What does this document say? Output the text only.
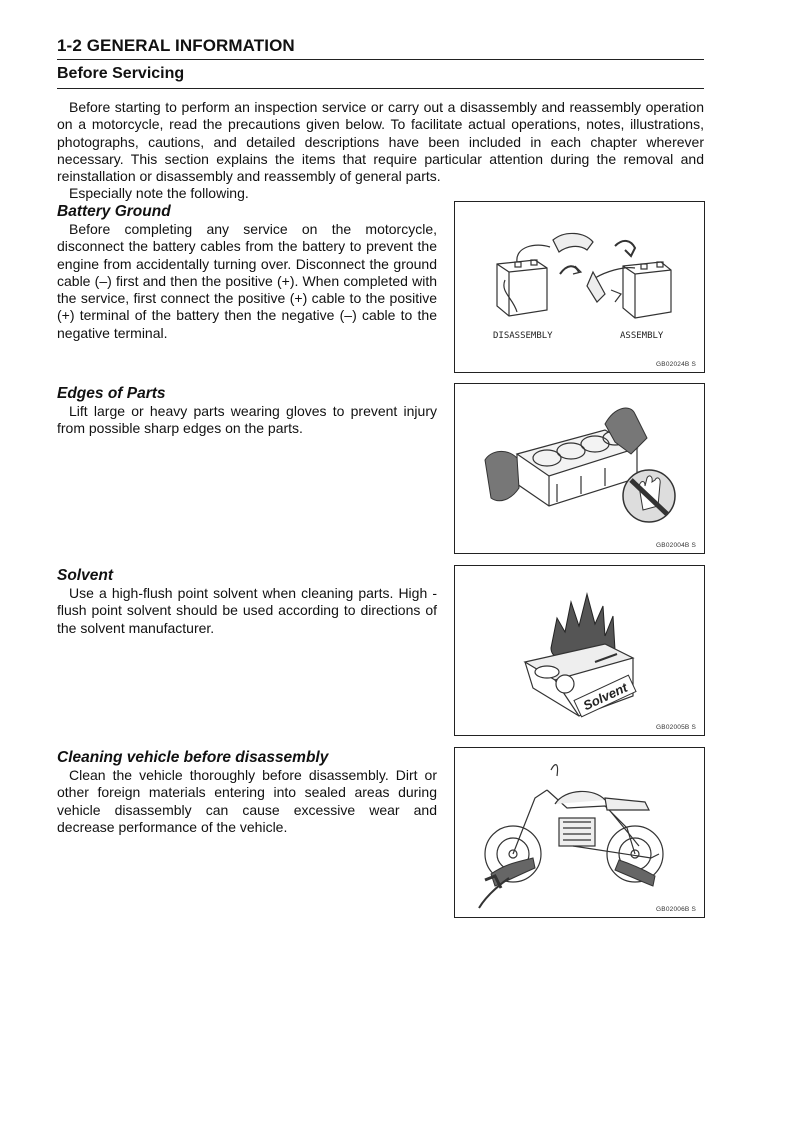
1-2 GENERAL INFORMATION
Before Servicing

Before starting to perform an inspection service or carry out a disassembly and reassembly operation on a motorcycle, read the precautions given below. To facilitate actual operations, notes, illustrations, photographs, cautions, and detailed descriptions have been included in each chapter wherever necessary. This section explains the items that require particular attention during the removal and reinstallation or disassembly and reassembly of general parts.

Especially note the following.

Battery Ground

Before completing any service on the motorcycle, disconnect the battery cables from the battery to prevent the engine from accidentally turning over. Disconnect the ground cable (–) first and then the positive (+). When completed with the service, first connect the positive (+) cable to the positive (+) terminal of the battery then the negative (–) cable to the negative terminal.	DISASSEMBLY	ASSEMBLY
GB02024B S
Edges of Parts

Lift large or heavy parts wearing gloves to prevent injury from possible sharp edges on the parts.

GB02004B S
Solvent

Use a high-flush point solvent when cleaning parts. High -flush point solvent should be used according to directions of the solvent manufacturer.

Solvent
GB02005B S
Cleaning vehicle before disassembly

Clean the vehicle thoroughly before disassembly. Dirt or other foreign materials entering into sealed areas during vehicle disassembly can cause excessive wear and decrease performance of the vehicle.

GB02006B S
